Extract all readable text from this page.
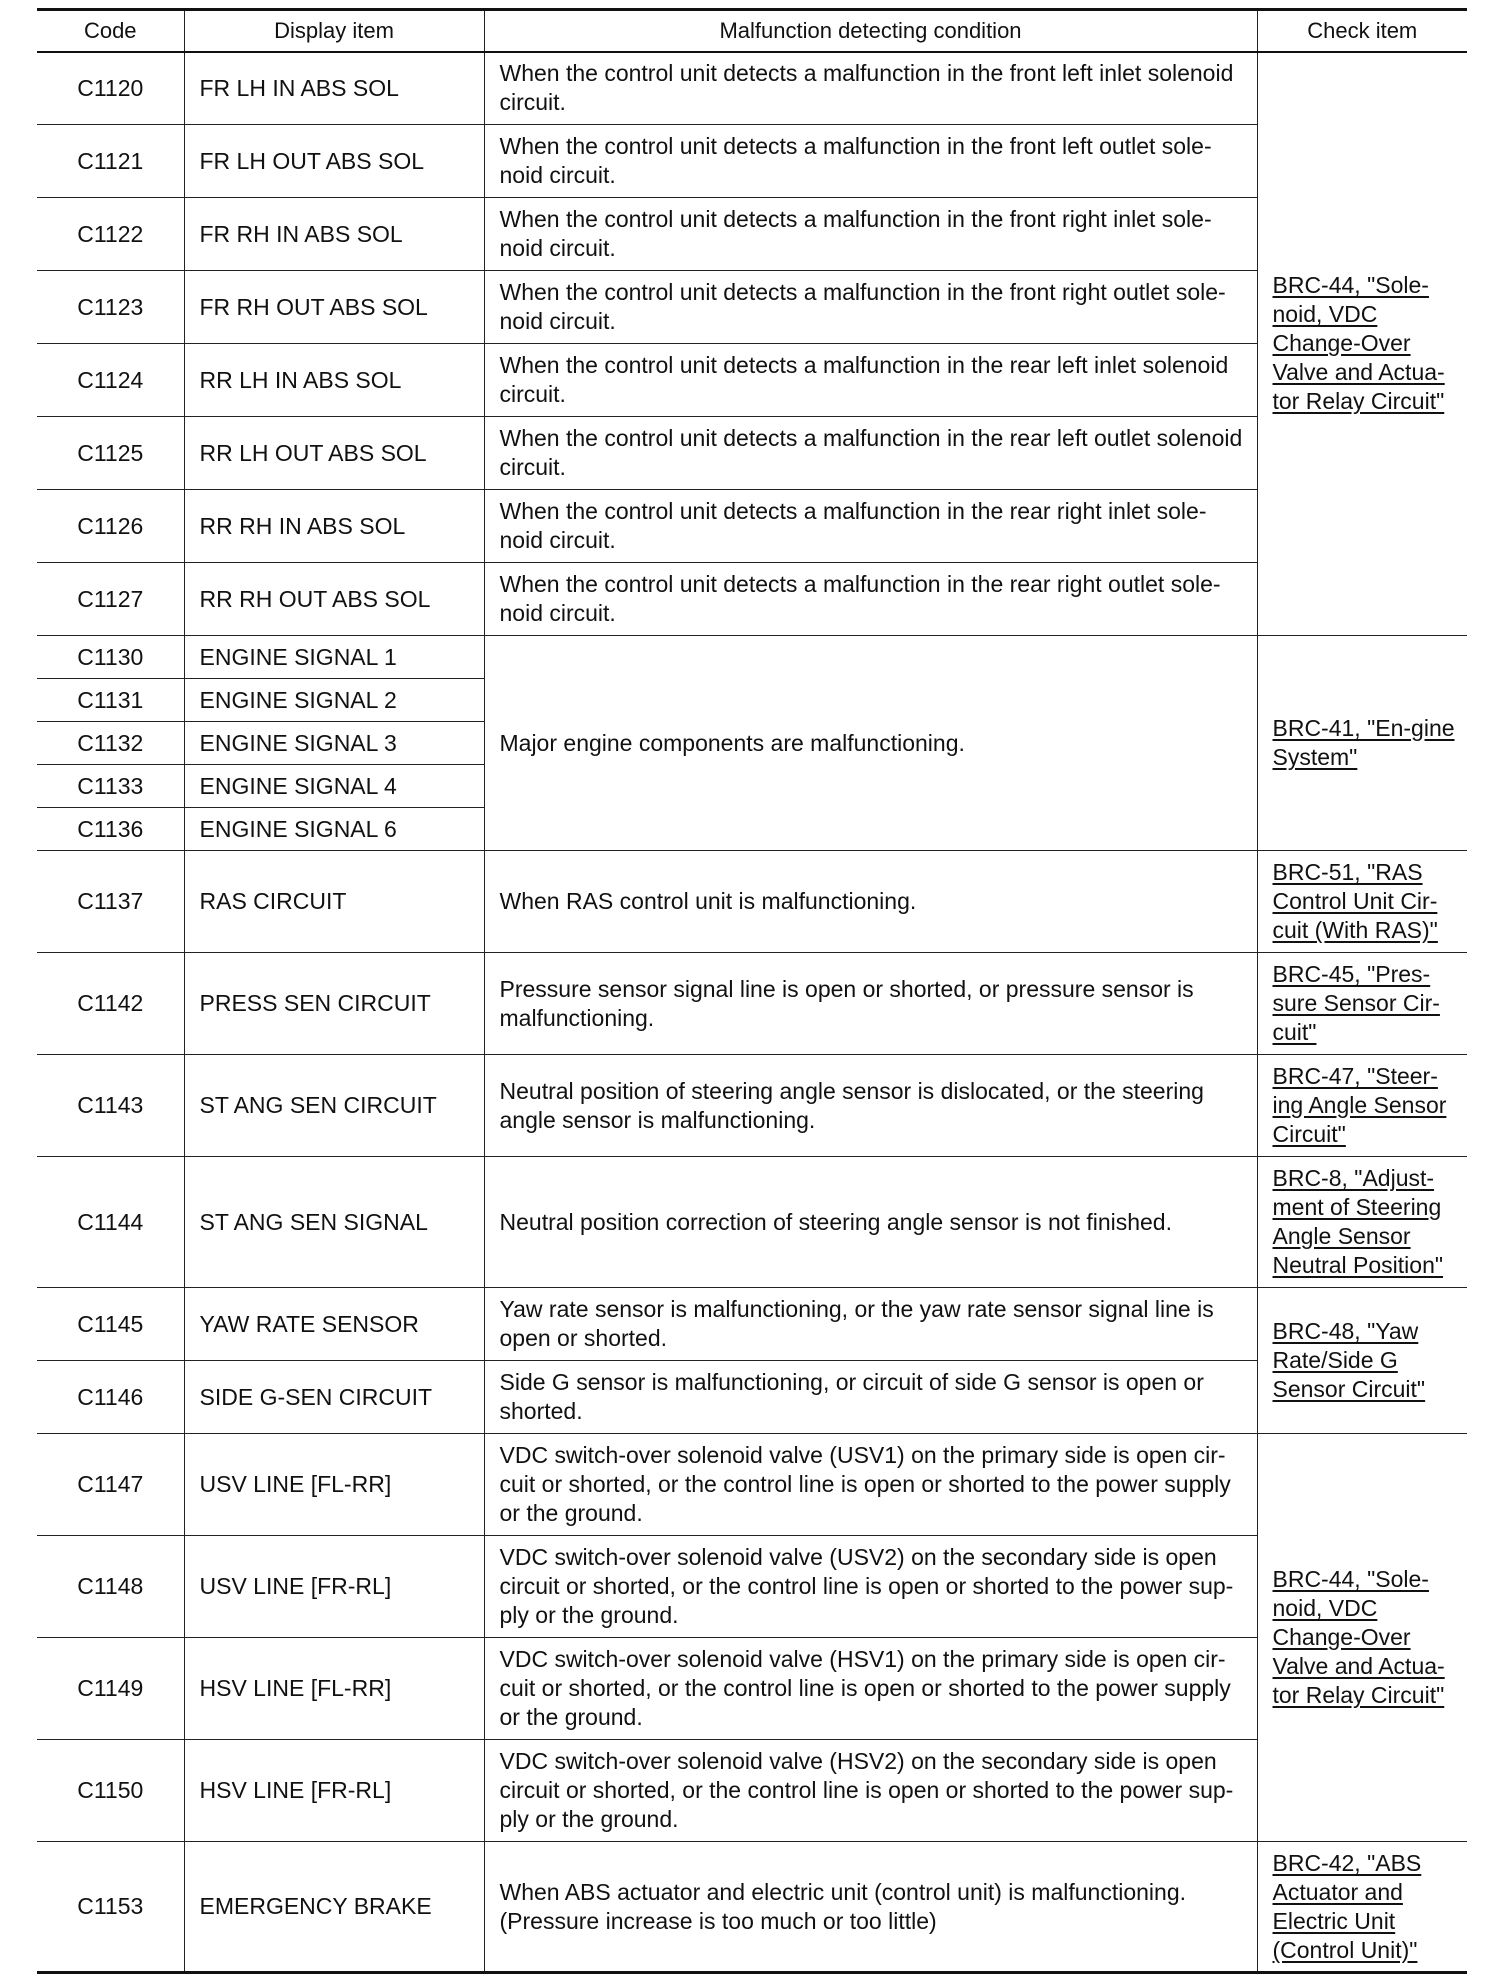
Code	Display item	Malfunction detecting condition	Check item
C1120	FR LH IN ABS SOL	When the control unit detects a malfunction in the front left inlet solenoid circuit.	BRC-44, "Sole-noid, VDC Change-Over Valve and Actua-tor Relay Circuit"
C1121	FR LH OUT ABS SOL	When the control unit detects a malfunction in the front left outlet sole-noid circuit.	
C1122	FR RH IN ABS SOL	When the control unit detects a malfunction in the front right inlet sole-noid circuit.	
C1123	FR RH OUT ABS SOL	When the control unit detects a malfunction in the front right outlet sole-noid circuit.	
C1124	RR LH IN ABS SOL	When the control unit detects a malfunction in the rear left inlet solenoid circuit.	
C1125	RR LH OUT ABS SOL	When the control unit detects a malfunction in the rear left outlet solenoid circuit.	
C1126	RR RH IN ABS SOL	When the control unit detects a malfunction in the rear right inlet sole-noid circuit.	
C1127	RR RH OUT ABS SOL	When the control unit detects a malfunction in the rear right outlet sole-noid circuit.	
C1130	ENGINE SIGNAL 1	Major engine components are malfunctioning.	BRC-41, "En-gine System"
C1131	ENGINE SIGNAL 2		
C1132	ENGINE SIGNAL 3		
C1133	ENGINE SIGNAL 4		
C1136	ENGINE SIGNAL 6		
C1137	RAS CIRCUIT	When RAS control unit is malfunctioning.	BRC-51, "RAS Control Unit Cir-cuit (With RAS)"
C1142	PRESS SEN CIRCUIT	Pressure sensor signal line is open or shorted, or pressure sensor is malfunctioning.	BRC-45, "Pres-sure Sensor Cir-cuit"
C1143	ST ANG SEN CIRCUIT	Neutral position of steering angle sensor is dislocated, or the steering angle sensor is malfunctioning.	BRC-47, "Steer-ing Angle Sensor Circuit"
C1144	ST ANG SEN SIGNAL	Neutral position correction of steering angle sensor is not finished.	BRC-8, "Adjust-ment of Steering Angle Sensor Neutral Position"
C1145	YAW RATE SENSOR	Yaw rate sensor is malfunctioning, or the yaw rate sensor signal line is open or shorted.	BRC-48, "Yaw Rate/Side G Sensor Circuit"
C1146	SIDE G-SEN CIRCUIT	Side G sensor is malfunctioning, or circuit of side G sensor is open or shorted.	
C1147	USV LINE [FL-RR]	VDC switch-over solenoid valve (USV1) on the primary side is open cir-cuit or shorted, or the control line is open or shorted to the power supply or the ground.	BRC-44, "Sole-noid, VDC Change-Over Valve and Actua-tor Relay Circuit"
C1148	USV LINE [FR-RL]	VDC switch-over solenoid valve (USV2) on the secondary side is open circuit or shorted, or the control line is open or shorted to the power sup-ply or the ground.	
C1149	HSV LINE [FL-RR]	VDC switch-over solenoid valve (HSV1) on the primary side is open cir-cuit or shorted, or the control line is open or shorted to the power supply or the ground.	
C1150	HSV LINE [FR-RL]	VDC switch-over solenoid valve (HSV2) on the secondary side is open circuit or shorted, or the control line is open or shorted to the power sup-ply or the ground.	
C1153	EMERGENCY BRAKE	When ABS actuator and electric unit (control unit) is malfunctioning. (Pressure increase is too much or too little)	BRC-42, "ABS Actuator and Electric Unit (Control Unit)"
